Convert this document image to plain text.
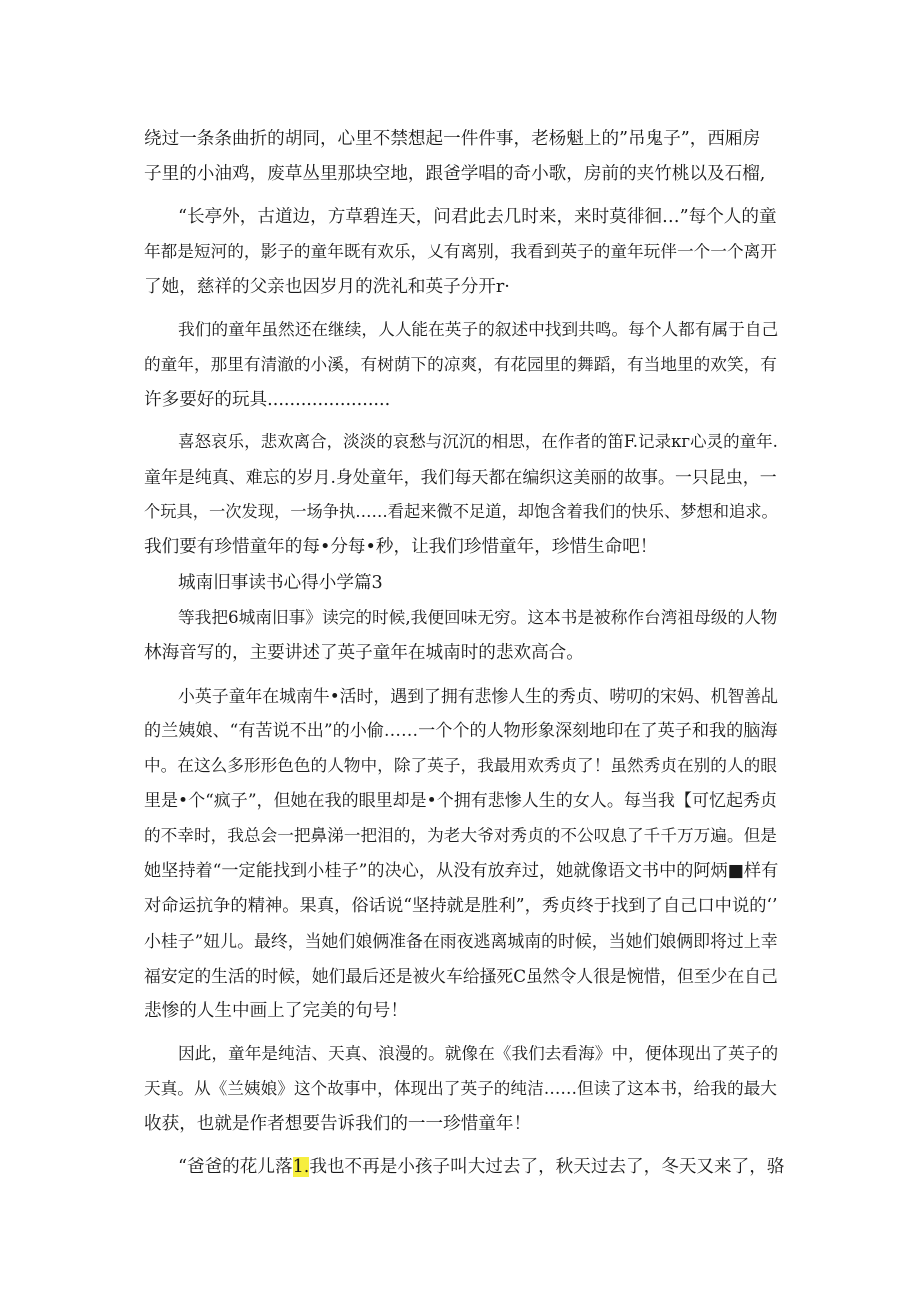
绕过一条条曲折的胡同，心里不禁想起一件件事，老杨魁上的”吊鬼子”，西厢房
子里的小油鸡，废草丛里那块空地，跟爸学唱的奇小歌，房前的夹竹桃以及石榴,
“长亭外，古道边，方草碧连天，问君此去几时来，来时莫徘徊…”每个人的童
年都是短河的，影子的童年既有欢乐，乂有离别，我看到英子的童年玩伴一个一个离开
了她，慈祥的父亲也因岁月的洗礼和英子分开r·
我们的童年虽然还在继续，人人能在英子的叙述中找到共鸣。每个人都有属于自己
的童年，那里有清澈的小溪，有树荫下的凉爽，有花园里的舞蹈，有当地里的欢笑，有
许多要好的玩具......................
喜怒哀乐，悲欢离合，淡淡的哀愁与沉沉的相思，在作者的笛F.记录кг心灵的童年.
童年是纯真、难忘的岁月.身处童年，我们每天都在编织这美丽的故事。一只昆虫，一
个玩具，一次发现，一场争执……看起来微不足道，却饱含着我们的快乐、梦想和追求。
我们要有珍惜童年的每•分每•秒，让我们珍惜童年，珍惜生命吧！
城南旧事读书心得小学篇3
等我把6城南旧事》读完的时候,我便回味无穷。这本书是被称作台湾祖母级的人物
林海音写的，主要讲述了英子童年在城南时的悲欢高合。
小英子童年在城南牛•活时，遇到了拥有悲惨人生的秀贞、唠叨的宋妈、机智善乩
的兰姨娘、“有苦说不出”的小偷……一个个的人物形象深刻地印在了英子和我的脑海
中。在这么多形形色色的人物中，除了英子，我最用欢秀贞了！虽然秀贞在别的人的眼
里是•个“疯子”，但她在我的眼里却是•个拥有悲惨人生的女人。每当我【可忆起秀贞
的不幸时，我总会一把鼻涕一把泪的，为老大爷对秀贞的不公叹息了千千万万遍。但是
她坚持着“一定能找到小桂子”的决心，从没有放弃过，她就像语文书中的阿炳■样有
对命运抗争的精神。果真，俗话说“坚持就是胜利”，秀贞终于找到了自己口中说的‘’
小桂子”妞儿。最终，当她们娘俩准备在雨夜逃离城南的时候，当她们娘俩即将过上幸
福安定的生活的时候，她们最后还是被火车给搔死C虽然令人很是惋惜，但至少在自己
悲惨的人生中画上了完美的句号！
因此，童年是纯洁、天真、浪漫的。就像在《我们去看海》中，便体现出了英子的
天真。从《兰姨娘》这个故事中，体现出了英子的纯洁……但读了这本书，给我的最大
收获，也就是作者想要告诉我们的一一珍惜童年！
“爸爸的花儿落1.我也不再是小孩子叫大过去了，秋天过去了，冬天又来了，骆
